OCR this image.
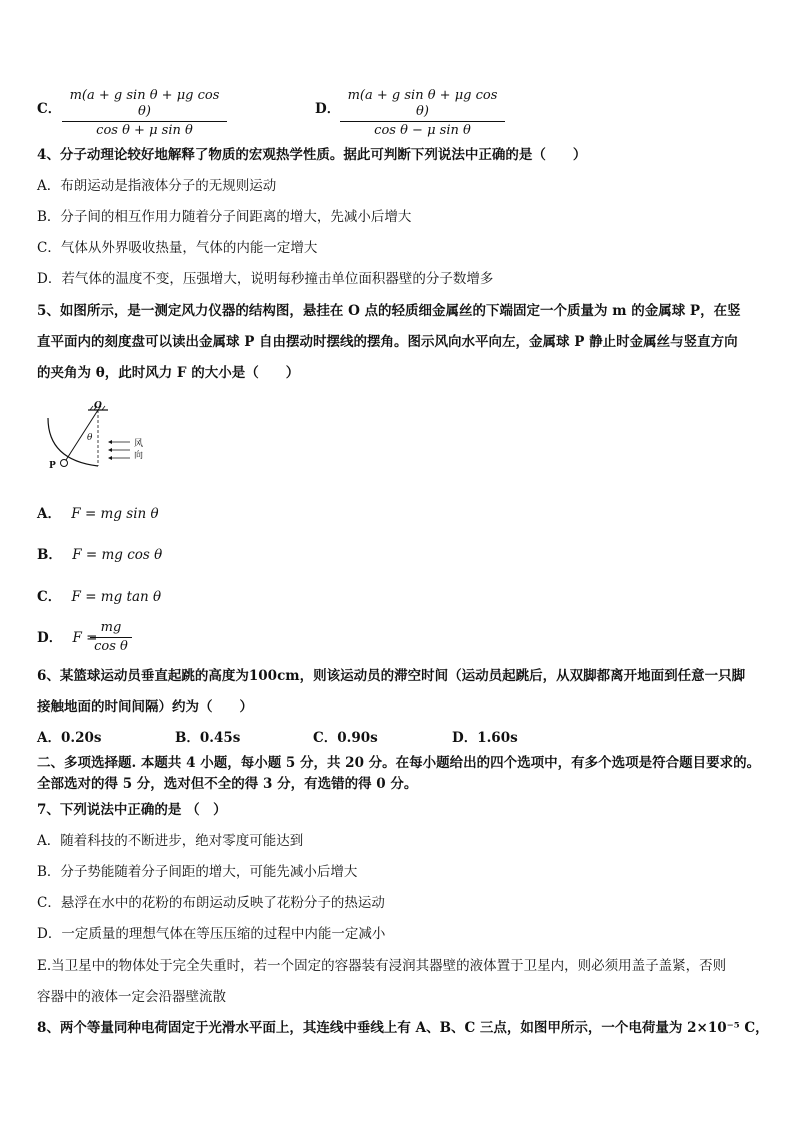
C．
m(a + g sin θ + μg cos θ)
cos θ + μ sin θ
D．
m(a + g sin θ + μg cos θ)
cos θ − μ sin θ
4、分子动理论较好地解释了物质的宏观热学性质。据此可判断下列说法中正确的是（　　）
A．布朗运动是指液体分子的无规则运动
B．分子间的相互作用力随着分子间距离的增大，先减小后增大
C．气体从外界吸收热量，气体的内能一定增大
D．若气体的温度不变，压强增大，说明每秒撞击单位面积器壁的分子数增多
5、如图所示，是一测定风力仪器的结构图，悬挂在 O 点的轻质细金属丝的下端固定一个质量为 m 的金属球 P，在竖
直平面内的刻度盘可以读出金属球 P 自由摆动时摆线的摆角。图示风向水平向左，金属球 P 静止时金属丝与竖直方向
的夹角为 θ，此时风力 F 的大小是（　　）
O
θ
P
风
向
A． F = mg sin θ
B． F = mg cos θ
C． F = mg tan θ
D． F =
mg
cos θ
6、某篮球运动员垂直起跳的高度为100cm，则该运动员的滞空时间（运动员起跳后，从双脚都离开地面到任意一只脚
接触地面的时间间隔）约为（　　）
A．0.20s	B．0.45s	C．0.90s	D．1.60s
二、多项选择题. 本题共 4 小题，每小题 5 分，共 20 分。在每小题给出的四个选项中，有多个选项是符合题目要求的。
全部选对的得 5 分，选对但不全的得 3 分，有选错的得 0 分。
7、下列说法中正确的是 （　）
A．随着科技的不断进步，绝对零度可能达到
B．分子势能随着分子间距的增大，可能先减小后增大
C．悬浮在水中的花粉的布朗运动反映了花粉分子的热运动
D．一定质量的理想气体在等压压缩的过程中内能一定减小
E.当卫星中的物体处于完全失重时，若一个固定的容器装有浸润其器壁的液体置于卫星内，则必须用盖子盖紧，否则
容器中的液体一定会沿器壁流散
8、两个等量同种电荷固定于光滑水平面上，其连线中垂线上有 A、B、C 三点，如图甲所示，一个电荷量为 2×10⁻⁵ C，
